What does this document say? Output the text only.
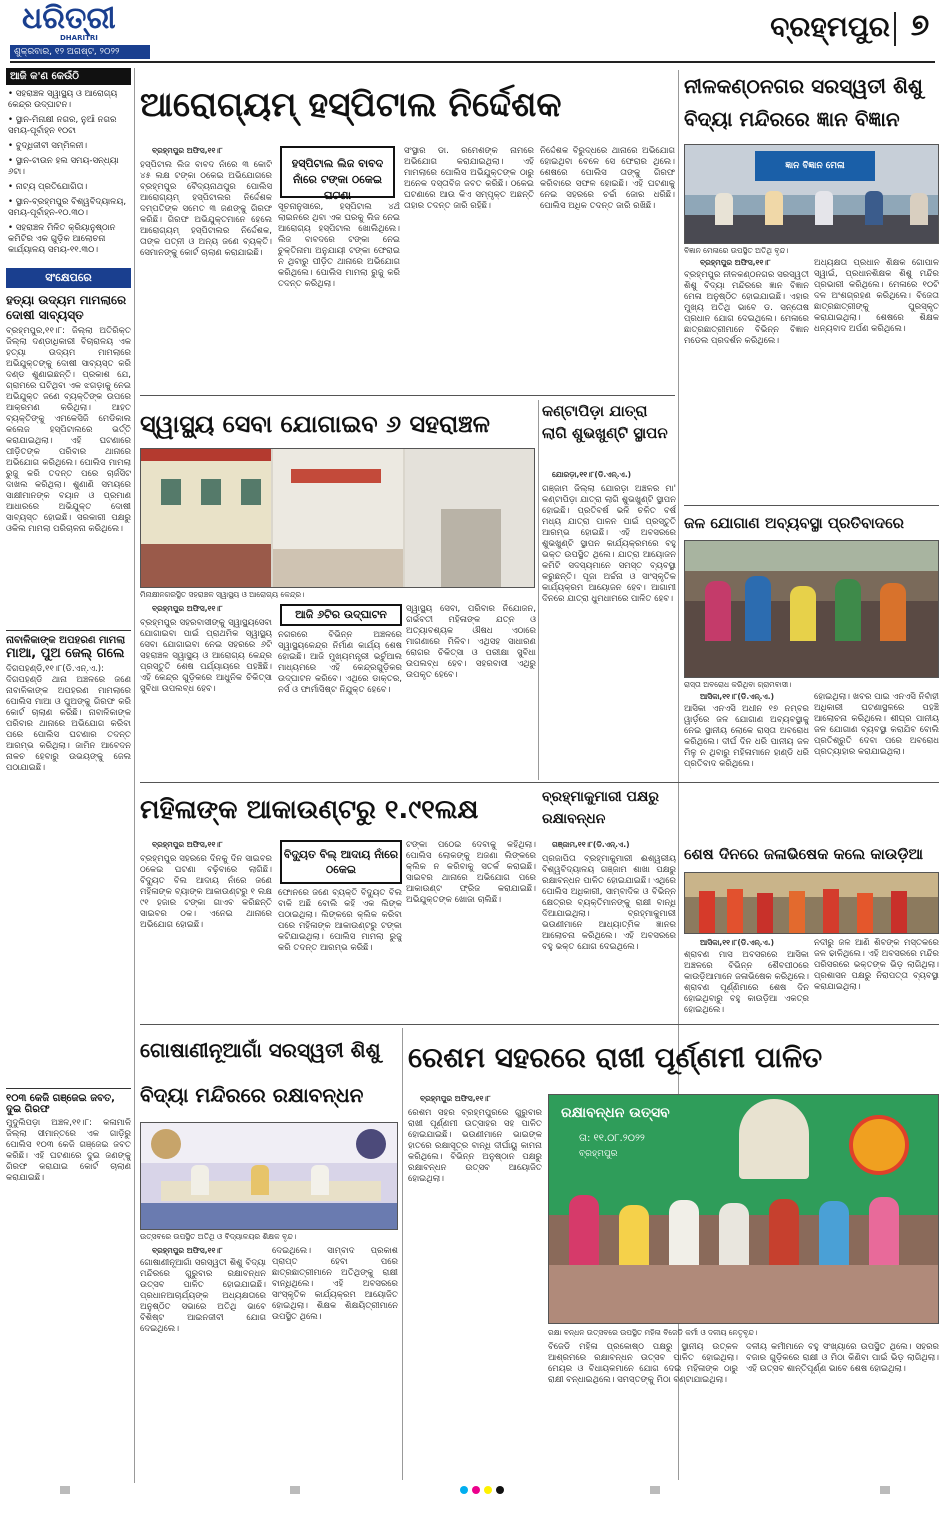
ଧରିତ୍ରୀ
DHARITRI
ଶୁକ୍ରବାର, ୧୨ ଅଗଷ୍ଟ, ୨୦୨୨
ବ୍ରହ୍ମପୁର ୭
ଆଜି କ'ଣ କେଉଁଠି
• ସହରାଞ୍ଚଳ ସ୍ୱାସ୍ଥ୍ୟ ଓ ଆରୋଗ୍ୟ କେନ୍ଦ୍ର ଉଦ୍‌ଘାଟନ।
• ସ୍ଥାନ-ମିନାକ୍ଷୀ ନଗର, ନୁଆଁ ନଗର ସମୟ-ପୂର୍ବାହ୍ନ ୧୦ଟା
• ବୁଦ୍ଧିଜୀବୀ ସମ୍ମିଳନୀ।
• ସ୍ଥାନ-ଟାଉନ ହଲ ସମୟ-ସନ୍ଧ୍ୟା ୬ଟା।
• ନାଟ୍ୟ ପ୍ରତିଯୋଗିତା।
• ସ୍ଥାନ-ବ୍ରହ୍ମପୁର ବିଶ୍ୱବିଦ୍ୟାଳୟ, ସମୟ-ପୂର୍ବାହ୍ନ-୧୦.୩୦।
• ସହରାଞ୍ଚଳ ମିଳିତ କ୍ରିୟାନୁଷ୍ଠାନ କମିଟିର ଏକ ଗୁଡ଼ିକ ଆଲୋଚନା କାର୍ଯ୍ୟାଳୟ ସମୟ-୧୧.୩୦।
ସଂକ୍ଷେପରେ
ହତ୍ୟା ଉଦ୍ୟମ ମାମଲାରେ ଦୋଷୀ ସାବ୍ୟସ୍ତ
ବ୍ରହ୍ମପୁର,୧୧।୮: ଜିଲ୍ଲା ଅତିରିକ୍ତ ଜିଲ୍ଲା ଦଣ୍ଡାଧିକାରୀ ବିଚାରାଳୟ ଏକ ହତ୍ୟା ଉଦ୍ୟମ ମାମଲାରେ ଅଭିଯୁକ୍ତଙ୍କୁ ଦୋଷୀ ସାବ୍ୟସ୍ତ କରି ଦଣ୍ଡ ଶୁଣାଇଛନ୍ତି। ପ୍ରକାଶ ଯେ, ଗ୍ରାମରେ ଘଟିଥିବା ଏକ ଝଗଡ଼ାକୁ ନେଇ ଅଭିଯୁକ୍ତ ଜଣେ ବ୍ୟକ୍ତିଙ୍କ ଉପରେ ଆକ୍ରମଣ କରିଥିଲା। ଆହତ ବ୍ୟକ୍ତିଙ୍କୁ ଏମକେସିଜି ମେଡିକାଲ କଲେଜ ହସ୍ପିଟାଲରେ ଭର୍ତ୍ତି କରାଯାଇଥିଲା। ଏହି ଘଟଣାରେ ପୀଡ଼ିତଙ୍କ ପରିବାର ଥାନାରେ ଅଭିଯୋଗ କରିଥିଲେ। ପୋଲିସ ମାମଲା ରୁଜୁ କରି ତଦନ୍ତ ପରେ ଚାର୍ଜସିଟ ଦାଖଲ କରିଥିଲା। ଶୁଣାଣି ସମୟରେ ସାକ୍ଷୀମାନଙ୍କ ବୟାନ ଓ ପ୍ରମାଣ ଆଧାରରେ ଅଭିଯୁକ୍ତ ଦୋଷୀ ସାବ୍ୟସ୍ତ ହୋଇଛି। ସରକାରୀ ପକ୍ଷରୁ ଓକିଲ ମାମଲା ପରିଚାଳନା କରିଥିଲେ।
ନାବାଳିକାଙ୍କ ଅପହରଣ ମାମଲା
ମାଆ, ପୁଅ ଜେଲ୍ ଗଲେ
ଦିଗପହଣ୍ଡି,୧୧।୮(ଡି.ଏନ୍.ଏ.): ଦିଗପହଣ୍ଡି ଥାନା ଅଞ୍ଚଳରେ ଜଣେ ନାବାଳିକାଙ୍କ ଅପହରଣ ମାମଲାରେ ପୋଲିସ ମାଆ ଓ ପୁଅଙ୍କୁ ଗିରଫ କରି କୋର୍ଟ ଚାଲାଣ କରିଛି। ନାବାଳିକାଙ୍କ ପରିବାର ଥାନାରେ ଅଭିଯୋଗ କରିବା ପରେ ପୋଲିସ ଘଟଣାର ତଦନ୍ତ ଆରମ୍ଭ କରିଥିଲା। ଜାମିନ ଆବେଦନ ନାକଚ ହେବାରୁ ଉଭୟଙ୍କୁ ଜେଲ ପଠାଯାଇଛି।
୧୦୩ କେଜି ଗଞ୍ଜେଇ ଜବତ, ଦୁଇ ଗିରଫ
ମୁଦୁଲିପଡ଼ା ଅଞ୍ଚଳ,୧୧।୮: କଳାମାଳି ଜିଲ୍ଲା ସୀମାନ୍ତରେ ଏକ ଗାଡ଼ିରୁ ପୋଲିସ ୧୦୩ କେଜି ଗଞ୍ଜେଇ ଜବତ କରିଛି। ଏହି ଘଟଣାରେ ଦୁଇ ଜଣଙ୍କୁ ଗିରଫ କରାଯାଇ କୋର୍ଟ ଚାଲାଣ କରାଯାଇଛି।
ଆରୋଗ୍ୟମ୍ ହସ୍ପିଟାଲ ନିର୍ଦ୍ଦେଶକ
ବ୍ରହ୍ମପୁର ଅଫିସ,୧୧।୮
ହସ୍ପିଟାଲ ଲିଜ ବାବଦ ନାଁରେ ଟଙ୍କା ଠକେଇ ଘଟଣା
ହସ୍ପିଟାଲ ଲିଜ ବାବଦ ନାଁରେ ୩ କୋଟି ୪୫ ଲକ୍ଷ ଟଙ୍କା ଠକେଇ ଅଭିଯୋଗରେ ବ୍ରହ୍ମପୁର ବୈଦ୍ୟନାଥପୁର ପୋଲିସ ଆରୋଗ୍ୟମ୍ ହସ୍ପିଟାଲର ନିର୍ଦ୍ଦେଶକ ଦମ୍ପତିଙ୍କ ସମେତ ୩ ଜଣଙ୍କୁ ଗିରଫ କରିଛି। ଗିରଫ ଅଭିଯୁକ୍ତମାନେ ହେଲେ ଆରୋଗ୍ୟମ୍ ହସ୍ପିଟାଲର ନିର୍ଦ୍ଦେଶକ, ତାଙ୍କ ପତ୍ନୀ ଓ ଅନ୍ୟ ଜଣେ ବ୍ୟକ୍ତି। ସେମାନଙ୍କୁ କୋର୍ଟ ଚାଲାଣ କରାଯାଇଛି।
ସୂଚନାନୁସାରେ, ହସ୍ପିଟାଲ ୪ର୍ଥ ଲାଇନରେ ଥିବା ଏକ ଘରକୁ ଲିଜ ନେଇ ଆରୋଗ୍ୟ ହସ୍ପିଟାଲ ଖୋଲିଥିଲେ। ଲିଜ ବାବଦରେ ଟଙ୍କା ନେଇ ଚୁକ୍ତିନାମା ଅନୁଯାୟୀ ଟଙ୍କା ଫେରାଇ ନ ଥିବାରୁ ପୀଡ଼ିତ ଥାନାରେ ଅଭିଯୋଗ କରିଥିଲେ। ପୋଲିସ ମାମଲା ରୁଜୁ କରି ତଦନ୍ତ କରିଥିଲା।
ସଂସ୍ଥାର ଡା. ରମେଶଙ୍କ ନାମରେ ଅଭିଯୋଗ କରାଯାଇଥିଲା। ଏହି ମାମଲାରେ ପୋଲିସ ଅଭିଯୁକ୍ତଙ୍କ ଠାରୁ ଅନେକ ଦସ୍ତାବିଜ ଜବତ କରିଛି। ଠକେଇ ଘଟଣାରେ ଆଉ କିଏ ସମ୍ପୃକ୍ତ ଅଛନ୍ତି ତାହାର ତଦନ୍ତ ଜାରି ରହିଛି।
ନିର୍ଦ୍ଦେଶକ ବିରୁଦ୍ଧରେ ଥାନାରେ ଅଭିଯୋଗ ହୋଇଥିବା ବେଳେ ସେ ଫେରାର ଥିଲେ। ଶେଷରେ ପୋଲିସ ତାଙ୍କୁ ଗିରଫ କରିବାରେ ସଫଳ ହୋଇଛି। ଏହି ଘଟଣାକୁ ନେଇ ସହରରେ ଚର୍ଚ୍ଚା ଜୋର ଧରିଛି। ପୋଲିସ ଅଧିକ ତଦନ୍ତ ଜାରି ରଖିଛି।
ନୀଳକଣ୍ଠନଗର ସରସ୍ୱତୀ ଶିଶୁ ବିଦ୍ୟା ମନ୍ଦିରରେ ଜ୍ଞାନ ବିଜ୍ଞାନ
ଜ୍ଞାନ ବିଜ୍ଞାନ ମେଳା
ବିଜ୍ଞାନ ମେଳାରେ ଉପସ୍ଥିତ ଅତିଥି ବୃନ୍ଦ।
ବ୍ରହ୍ମପୁର ଅଫିସ,୧୧।୮
ବ୍ରହ୍ମପୁର ନୀଳକଣ୍ଠନଗର ସରସ୍ୱତୀ ଶିଶୁ ବିଦ୍ୟା ମନ୍ଦିରରେ ଜ୍ଞାନ ବିଜ୍ଞାନ ମେଳା ଅନୁଷ୍ଠିତ ହୋଇଯାଇଛି। ଏହାର ମୁଖ୍ୟ ଅତିଥି ଭାବେ ଡ. ସନ୍ତୋଷ ପ୍ରଧାନ ଯୋଗ ଦେଇଥିଲେ। ମେଳାରେ ଛାତ୍ରଛାତ୍ରୀମାନେ ବିଭିନ୍ନ ବିଜ୍ଞାନ ମଡେଲ ପ୍ରଦର୍ଶନ କରିଥିଲେ।
ଅଧ୍ୟକ୍ଷତା ପ୍ରଧାନ ଶିକ୍ଷକ ଗୋପାଳ ସ୍ୱାଇଁ, ପ୍ରଧାନଶିକ୍ଷକ ଶିଶୁ ମନ୍ଦିର ପ୍ରଭାରୀ କରିଥିଲେ। ମେଳାରେ ୧୦ଟି ଦଳ ଅଂଶଗ୍ରହଣ କରିଥିଲେ। ବିଜେତା ଛାତ୍ରଛାତ୍ରୀଙ୍କୁ ପୁରସ୍କୃତ କରାଯାଇଥିଲା। ଶେଷରେ ଶିକ୍ଷକ ଧନ୍ୟବାଦ ଅର୍ପଣ କରିଥିଲେ।
ସ୍ୱାସ୍ଥ୍ୟ ସେବା ଯୋଗାଇବ ୬ ସହରାଞ୍ଚଳ
ମିନାକ୍ଷୀନଗରସ୍ଥିତ ସହରାଞ୍ଚଳ ସ୍ୱାସ୍ଥ୍ୟ ଓ ଆରୋଗ୍ୟ କେନ୍ଦ୍ର।
ବ୍ରହ୍ମପୁର ଅଫିସ,୧୧।୮	ଆଜି ୬ଟିର ଉଦ୍‌ଘାଟନ
ବ୍ରହ୍ମପୁର ସହରବାସୀଙ୍କୁ ସ୍ୱାସ୍ଥ୍ୟସେବା ଯୋଗାଇବା ପାଇଁ ପ୍ରାଥମିକ ସ୍ୱାସ୍ଥ୍ୟ ସେବା ଯୋଗାଇବା ନେଇ ସହରରେ ୬ଟି ସହରାଞ୍ଚଳ ସ୍ୱାସ୍ଥ୍ୟ ଓ ଆରୋଗ୍ୟ କେନ୍ଦ୍ର ପ୍ରସ୍ତୁତି ଶେଷ ପର୍ଯ୍ୟାୟରେ ପହଞ୍ଚିଛି। ଏହି କେନ୍ଦ୍ର ଗୁଡ଼ିକରେ ଆଧୁନିକ ଚିକିତ୍ସା ସୁବିଧା ଉପଲବ୍ଧ ହେବ।
ନଗରରେ ବିଭିନ୍ନ ଅଞ୍ଚଳରେ ସ୍ୱାସ୍ଥ୍ୟକେନ୍ଦ୍ର ନିର୍ମାଣ କାର୍ଯ୍ୟ ଶେଷ ହୋଇଛି। ଆଜି ମୁଖ୍ୟମନ୍ତ୍ରୀ ଭର୍ଚୁଆଲ ମାଧ୍ୟମରେ ଏହି କେନ୍ଦ୍ରଗୁଡ଼ିକର ଉଦ୍‌ଘାଟନ କରିବେ। ଏଥିରେ ଡାକ୍ତର, ନର୍ସ ଓ ଫାର୍ମାସିଷ୍ଟ ନିଯୁକ୍ତ ହେବେ।
ସ୍ୱାସ୍ଥ୍ୟ ସେବା, ପରିବାର ନିଯୋଜନ, ଗର୍ଭବତୀ ମହିଳାଙ୍କ ଯତ୍ନ ଓ ଅତ୍ୟାବଶ୍ୟକ ଔଷଧ ଏଠାରେ ମାଗଣାରେ ମିଳିବ। ଏଥିସହ ସାଧାରଣ ରୋଗର ଚିକିତ୍ସା ଓ ପରୀକ୍ଷା ସୁବିଧା ଉପଲବ୍ଧ ହେବ। ସହରବାସୀ ଏଥିରୁ ଉପକୃତ ହେବେ।
କଣ୍ଟାପିଡ଼ା ଯାତ୍ରା ଲାଗି ଶୁଭଖୁଣ୍ଟି ସ୍ଥାପନ
ଯୋରଡ଼ା,୧୧।୮(ଡି.ଏନ୍.ଏ.)
ଗଞ୍ଜାମ ଜିଲ୍ଲା ଯୋରଡ଼ା ଅଞ୍ଚଳର ମା' କଣ୍ଟାପିଡ଼ା ଯାତ୍ରା ଲାଗି ଶୁଭଖୁଣ୍ଟି ସ୍ଥାପନ ହୋଇଛି। ପ୍ରତିବର୍ଷ ଭଳି ଚଳିତ ବର୍ଷ ମଧ୍ୟ ଯାତ୍ରା ପାଳନ ପାଇଁ ପ୍ରସ୍ତୁତି ଆରମ୍ଭ ହୋଇଛି। ଏହି ଅବସରରେ ଶୁଭଖୁଣ୍ଟି ସ୍ଥାପନ କାର୍ଯ୍ୟକ୍ରମରେ ବହୁ ଭକ୍ତ ଉପସ୍ଥିତ ଥିଲେ। ଯାତ୍ରା ଆୟୋଜନ କମିଟି ସଦସ୍ୟମାନେ ସମସ୍ତ ବ୍ୟବସ୍ଥା କରୁଛନ୍ତି। ପୂଜା ଅର୍ଚ୍ଚନା ଓ ସାଂସ୍କୃତିକ କାର୍ଯ୍ୟକ୍ରମ ଆୟୋଜନ ହେବ। ଆଗାମୀ ଦିନରେ ଯାତ୍ରା ଧୁମଧାମରେ ପାଳିତ ହେବ।
ଜଳ ଯୋଗାଣ ଅବ୍ୟବସ୍ଥା ପ୍ରତିବାଦରେ
ରାସ୍ତା ଅବରୋଧ କରିଥିବା ଗ୍ରାମବାସୀ।
ଆସିକା,୧୧।୮(ଡି.ଏନ୍.ଏ.)
ଆସିକା ଏନଏସି ଅଧୀନ ୧୭ ନମ୍ବର ୱାର୍ଡ଼ରେ ଜଳ ଯୋଗାଣ ଅବ୍ୟବସ୍ଥାକୁ ନେଇ ସ୍ଥାନୀୟ ଲୋକେ ରାସ୍ତା ଅବରୋଧ କରିଥିଲେ। ଦୀର୍ଘ ଦିନ ଧରି ପାନୀୟ ଜଳ ମିଳୁ ନ ଥିବାରୁ ମହିଳାମାନେ ହାଣ୍ଡି ଧରି ପ୍ରତିବାଦ କରିଥିଲେ।
ହୋଇଥିଲା। ଖବର ପାଇ ଏନଏସି ନିର୍ବାହୀ ଅଧିକାରୀ ଘଟଣାସ୍ଥଳରେ ପହଞ୍ଚି ଆଲୋଚନା କରିଥିଲେ। ଶୀଘ୍ର ପାନୀୟ ଜଳ ଯୋଗାଣ ବ୍ୟବସ୍ଥା କରାଯିବ ବୋଲି ପ୍ରତିଶ୍ରୁତି ଦେବା ପରେ ଅବରୋଧ ପ୍ରତ୍ୟାହାର କରାଯାଇଥିଲା।
ମହିଳାଙ୍କ ଆକାଉଣ୍ଟରୁ ୧.୯୧ଲକ୍ଷ
ବ୍ରହ୍ମପୁର ଅଫିସ,୧୧।୮
ବିଦ୍ୟୁତ ବିଲ୍ ଆଦାୟ ନାଁରେ ଠକେଇ
ବ୍ରହ୍ମପୁର ସହରରେ ଦିନକୁ ଦିନ ସାଇବର ଠକେଇ ଘଟଣା ବଢ଼ିବାରେ ଲାଗିଛି। ବିଦ୍ୟୁତ ବିଲ ଆଦାୟ ନାଁରେ ଜଣେ ମହିଳାଙ୍କ ବ୍ୟାଙ୍କ ଆକାଉଣ୍ଟରୁ ୧ ଲକ୍ଷ ୯୧ ହଜାର ଟଙ୍କା ଗାଏବ କରିଛନ୍ତି ସାଇବର ଠକ। ଏନେଇ ଥାନାରେ ଅଭିଯୋଗ ହୋଇଛି।
ଫୋନରେ ଜଣେ ବ୍ୟକ୍ତି ବିଦ୍ୟୁତ ବିଲ ବାକି ଅଛି ବୋଲି କହି ଏକ ଲିଙ୍କ ପଠାଇଥିଲା। ଲିଙ୍କରେ କ୍ଲିକ କରିବା ପରେ ମହିଳାଙ୍କ ଆକାଉଣ୍ଟରୁ ଟଙ୍କା କଟିଯାଇଥିଲା। ପୋଲିସ ମାମଲା ରୁଜୁ କରି ତଦନ୍ତ ଆରମ୍ଭ କରିଛି।
ଟଙ୍କା ପଠେଇ ଦେବାକୁ କହିଥିଲା। ପୋଲିସ ଲୋକଙ୍କୁ ଅଜଣା ଲିଙ୍କରେ କ୍ଲିକ ନ କରିବାକୁ ସତର୍କ କରାଇଛି। ସାଇବର ଥାନାରେ ଅଭିଯୋଗ ପରେ ଆକାଉଣ୍ଟ ଫ୍ରିଜ କରାଯାଇଛି। ଅଭିଯୁକ୍ତଙ୍କ ଖୋଜା ଚାଲିଛି।
ବ୍ରହ୍ମାକୁମାରୀ ପକ୍ଷରୁ ରକ୍ଷାବନ୍ଧନ
ଗଞ୍ଜାମ,୧୧।୮(ଡି.ଏନ୍.ଏ.)
ପ୍ରଜାପିତା ବ୍ରହ୍ମାକୁମାରୀ ଈଶ୍ୱରୀୟ ବିଶ୍ୱବିଦ୍ୟାଳୟ ଗଞ୍ଜାମ ଶାଖା ପକ୍ଷରୁ ରକ୍ଷାବନ୍ଧନ ପାଳିତ ହୋଇଯାଇଛି। ଏଥିରେ ପୋଲିସ ଅଧିକାରୀ, ସାମ୍ବାଦିକ ଓ ବିଭିନ୍ନ କ୍ଷେତ୍ରର ବ୍ୟକ୍ତିମାନଙ୍କୁ ରାକ୍ଷୀ ବାନ୍ଧି ଦିଆଯାଇଥିଲା। ବ୍ରହ୍ମାକୁମାରୀ ଭଉଣୀମାନେ ଆଧ୍ୟାତ୍ମିକ ଜ୍ଞାନର ଆଲୋଚନା କରିଥିଲେ। ଏହି ଅବସରରେ ବହୁ ଭକ୍ତ ଯୋଗ ଦେଇଥିଲେ।
ଶେଷ ଦିନରେ ଜଳାଭିଷେକ କଲେ କାଉଡ଼ିଆ
ଆସିକା,୧୧।୮(ଡି.ଏନ୍.ଏ.)
ଶ୍ରାବଣ ମାସ ଅବସରରେ ଆସିକା ଅଞ୍ଚଳରେ ବିଭିନ୍ନ ଶୈବପୀଠରେ କାଉଡ଼ିଆମାନେ ଜଳାଭିଷେକ କରିଥିଲେ। ଶ୍ରାବଣ ପୂର୍ଣ୍ଣିମାରେ ଶେଷ ଦିନ ହୋଇଥିବାରୁ ବହୁ କାଉଡ଼ିଆ ଏକତ୍ର ହୋଇଥିଲେ।
ନଦୀରୁ ଜଳ ଆଣି ଶିବଙ୍କ ମସ୍ତକରେ ଜଳ ଢାଳିଥିଲେ। ଏହି ଅବସରରେ ମନ୍ଦିର ପରିସରରେ ଭକ୍ତଙ୍କ ଭିଡ଼ ଲାଗିଥିଲା। ପ୍ରଶାସନ ପକ୍ଷରୁ ନିରାପତ୍ତା ବ୍ୟବସ୍ଥା କରାଯାଇଥିଲା।
ଗୋଷାଣୀନୂଆଗାଁ ସରସ୍ୱତୀ ଶିଶୁ ବିଦ୍ୟା ମନ୍ଦିରରେ ରକ୍ଷାବନ୍ଧନ
ଉତ୍ସବରେ ଉପସ୍ଥିତ ଅତିଥି ଓ ବିଦ୍ୟାଳୟର ଶିକ୍ଷକ ବୃନ୍ଦ।
ବ୍ରହ୍ମପୁର ଅଫିସ,୧୧।୮
ଗୋଷାଣୀନୂଆଗାଁ ସରସ୍ୱତୀ ଶିଶୁ ବିଦ୍ୟା ମନ୍ଦିରରେ ଗୁରୁବାର ରକ୍ଷାବନ୍ଧନ ଉତ୍ସବ ପାଳିତ ହୋଇଯାଇଛି। ପ୍ରଧାନଆଚାର୍ଯ୍ୟଙ୍କ ଅଧ୍ୟକ୍ଷତାରେ ଅନୁଷ୍ଠିତ ସଭାରେ ଅତିଥି ଭାବେ ବିଶିଷ୍ଟ ଆଇନଜୀବୀ ଯୋଗ ଦେଇଥିଲେ।
ଦେଇଥିଲେ। ସାମ୍ବାଦ ପ୍ରକାଶ ପ୍ରାପ୍ତ ହେବା ପରେ ଛାତ୍ରଛାତ୍ରୀମାନେ ଅତିଥିଙ୍କୁ ରାକ୍ଷୀ ବାନ୍ଧିଥିଲେ। ଏହି ଅବସରରେ ସାଂସ୍କୃତିକ କାର୍ଯ୍ୟକ୍ରମ ଆୟୋଜିତ ହୋଇଥିଲା। ଶିକ୍ଷକ ଶିକ୍ଷୟିତ୍ରୀମାନେ ଉପସ୍ଥିତ ଥିଲେ।
ରେଶମ ସହରରେ ରାଖୀ ପୂର୍ଣ୍ଣମୀ ପାଳିତ
ବ୍ରହ୍ମପୁର ଅଫିସ,୧୧।୮
ରେଶମ ସହର ବ୍ରହ୍ମପୁରରେ ଗୁରୁବାର ରାଖୀ ପୂର୍ଣ୍ଣମୀ ଉତ୍ସାହର ସହ ପାଳିତ ହୋଇଯାଇଛି। ଭଉଣୀମାନେ ଭାଇଙ୍କ ହାତରେ ରକ୍ଷାସୂତ୍ର ବାନ୍ଧି ଦୀର୍ଘାୟୁ କାମନା କରିଥିଲେ। ବିଭିନ୍ନ ଅନୁଷ୍ଠାନ ପକ୍ଷରୁ ରକ୍ଷାବନ୍ଧନ ଉତ୍ସବ ଆୟୋଜିତ ହୋଇଥିଲା।
ରକ୍ଷାବନ୍ଧନ ଉତ୍ସବ
ତା: ୧୧.୦୮.୨୦୨୨
ବ୍ରହ୍ମପୁର
ରକ୍ଷା ବନ୍ଧନ ଉତ୍ସବରେ ଉପସ୍ଥିତ ମହିଳା ବିଜେଡି କର୍ମୀ ଓ ଦଳୀୟ ନେତୃବୃନ୍ଦ।
ବିଜେଡି ମହିଳା ପ୍ରକୋଷ୍ଠ ପକ୍ଷରୁ ସ୍ଥାନୀୟ ଉତ୍କଳ ଆଶ୍ରମରେ ରକ୍ଷାବନ୍ଧନ ଉତ୍ସବ ପାଳିତ ହୋଇଥିଲା। ମେୟର ଓ ବିଧାୟକମାନେ ଯୋଗ ଦେଇ ମହିଳାଙ୍କ ଠାରୁ ରାକ୍ଷୀ ବନ୍ଧାଇଥିଲେ। ସମସ୍ତଙ୍କୁ ମିଠା ବଣ୍ଟାଯାଇଥିଲା।
ଦଳୀୟ କର୍ମୀମାନେ ବହୁ ସଂଖ୍ୟାରେ ଉପସ୍ଥିତ ଥିଲେ। ସହରର ବଜାର ଗୁଡ଼ିକରେ ରାକ୍ଷୀ ଓ ମିଠା କିଣିବା ପାଇଁ ଭିଡ଼ ଲାଗିଥିଲା। ଏହି ଉତ୍ସବ ଶାନ୍ତିପୂର୍ଣ୍ଣ ଭାବେ ଶେଷ ହୋଇଥିଲା।
